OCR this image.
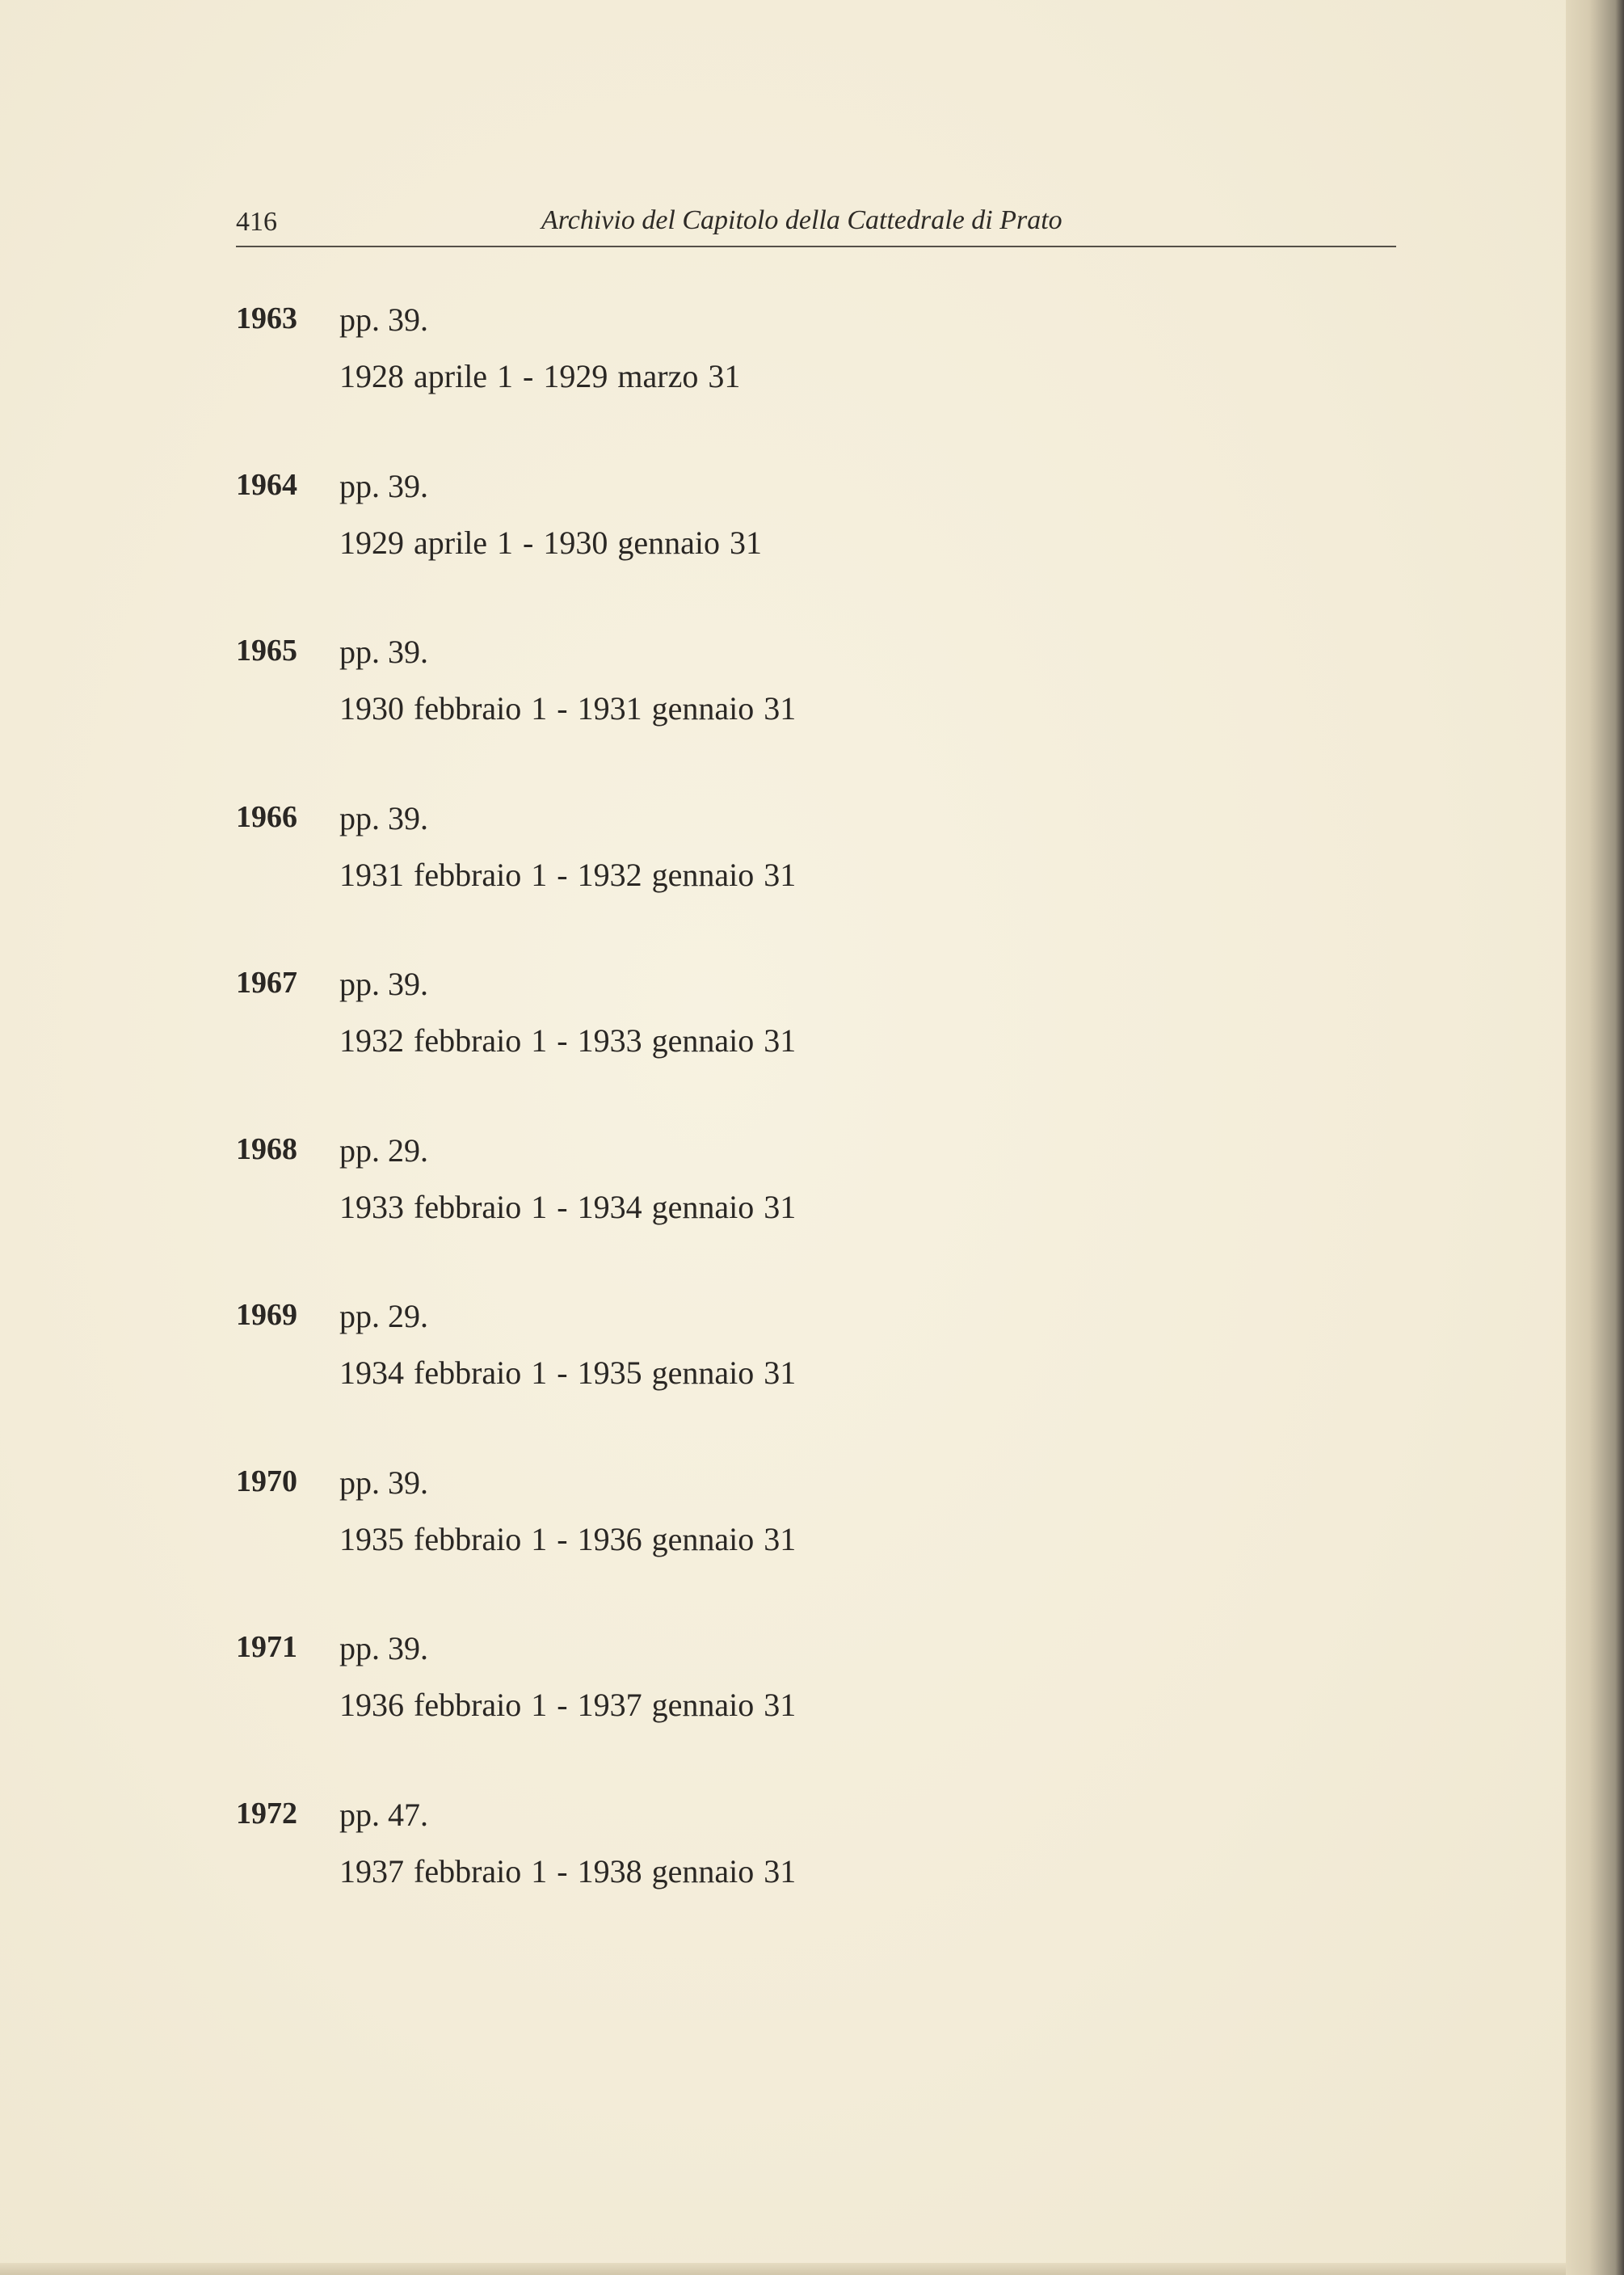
416	Archivio del Capitolo della Cattedrale di Prato
1963 pp. 39.
1928 aprile 1 - 1929 marzo 31
1964 pp. 39.
1929 aprile 1 - 1930 gennaio 31
1965 pp. 39.
1930 febbraio 1 - 1931 gennaio 31
1966 pp. 39.
1931 febbraio 1 - 1932 gennaio 31
1967 pp. 39.
1932 febbraio 1 - 1933 gennaio 31
1968 pp. 29.
1933 febbraio 1 - 1934 gennaio 31
1969 pp. 29.
1934 febbraio 1 - 1935 gennaio 31
1970 pp. 39.
1935 febbraio 1 - 1936 gennaio 31
1971 pp. 39.
1936 febbraio 1 - 1937 gennaio 31
1972 pp. 47.
1937 febbraio 1 - 1938 gennaio 31
